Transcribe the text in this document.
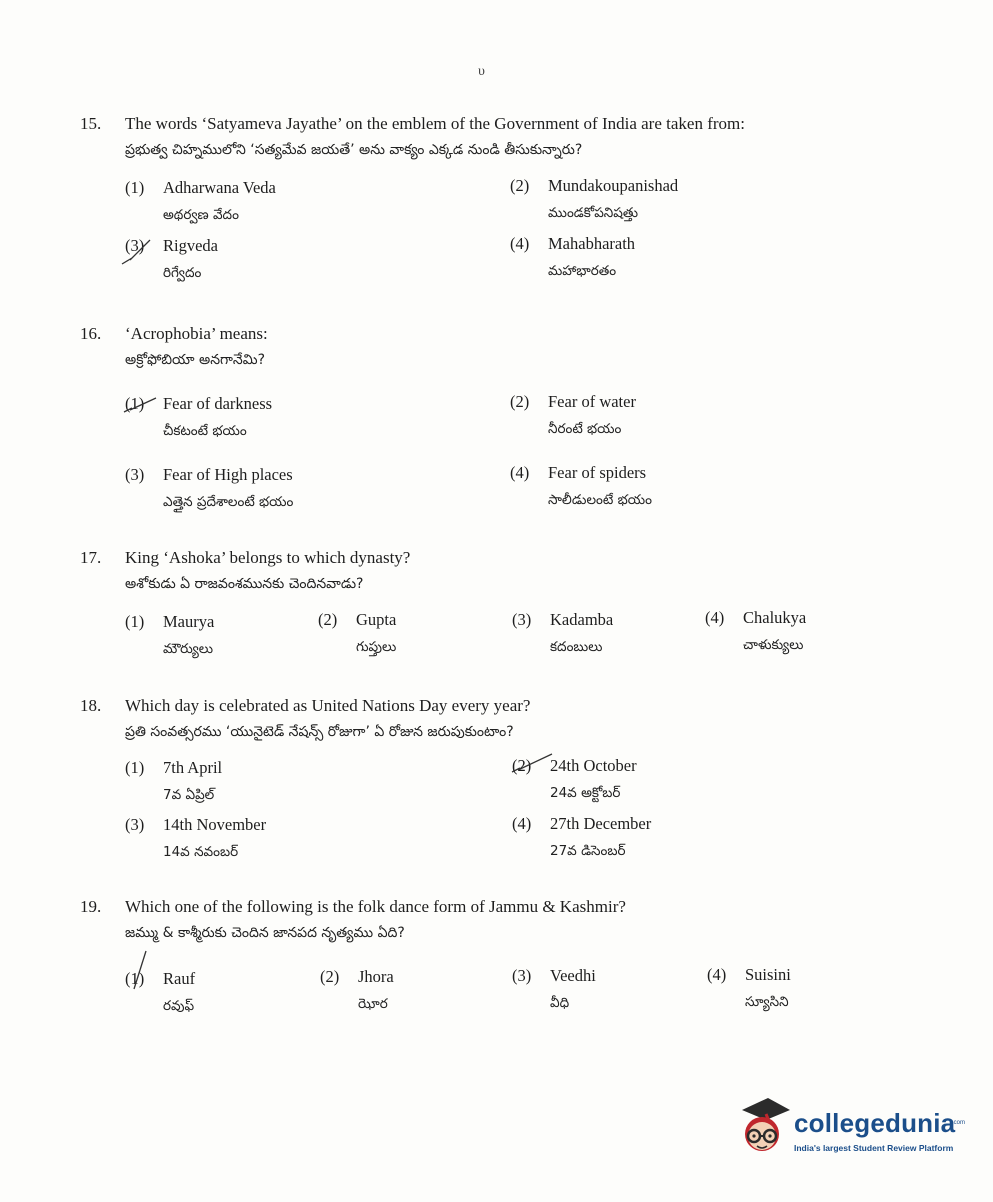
υ
15. The words ‘Satyameva Jayathe’ on the emblem of the Government of India are taken from:
ప్రభుత్వ చిహ్నములోని ‘సత్యమేవ జయతే’ అను వాక్యం ఎక్కడ నుండి తీసుకున్నారు?
(1) Adharwana Veda
అథర్వణ వేదం
(2) Mundakoupanishad
ముండకోపనిషత్తు
(3) Rigveda
రిగ్వేదం
(4) Mahabharath
మహాభారతం
16. ‘Acrophobia’ means:
అక్రోఫోబియా అనగానేమి?
(1) Fear of darkness
చీకటంటే భయం
(2) Fear of water
నీరంటే భయం
(3) Fear of High places
ఎత్తైన ప్రదేశాలంటే భయం
(4) Fear of spiders
సాలీడులంటే భయం
17. King ‘Ashoka’ belongs to which dynasty?
అశోకుడు ఏ రాజవంశమునకు చెందినవాడు?
(1) Maurya
మౌర్యులు
(2) Gupta
గుప్తులు
(3) Kadamba
కదంబులు
(4) Chalukya
చాళుక్యులు
18. Which day is celebrated as United Nations Day every year?
ప్రతి సంవత్సరము ‘యునైటెడ్ నేషన్స్ రోజుగా’ ఏ రోజున జరుపుకుంటాం?
(1) 7th April
7వ ఏప్రిల్
(2) 24th October
24వ అక్టోబర్
(3) 14th November
14వ నవంబర్
(4) 27th December
27వ డిసెంబర్
19. Which one of the following is the folk dance form of Jammu & Kashmir?
జమ్ము & కాశ్మీరుకు చెందిన జానపద నృత్యము ఏది?
(1) Rauf
రవుఫ్
(2) Jhora
ఝోర
(3) Veedhi
వీధి
(4) Suisini
స్యూసిని
collegedunia
.com
India's largest Student Review Platform
